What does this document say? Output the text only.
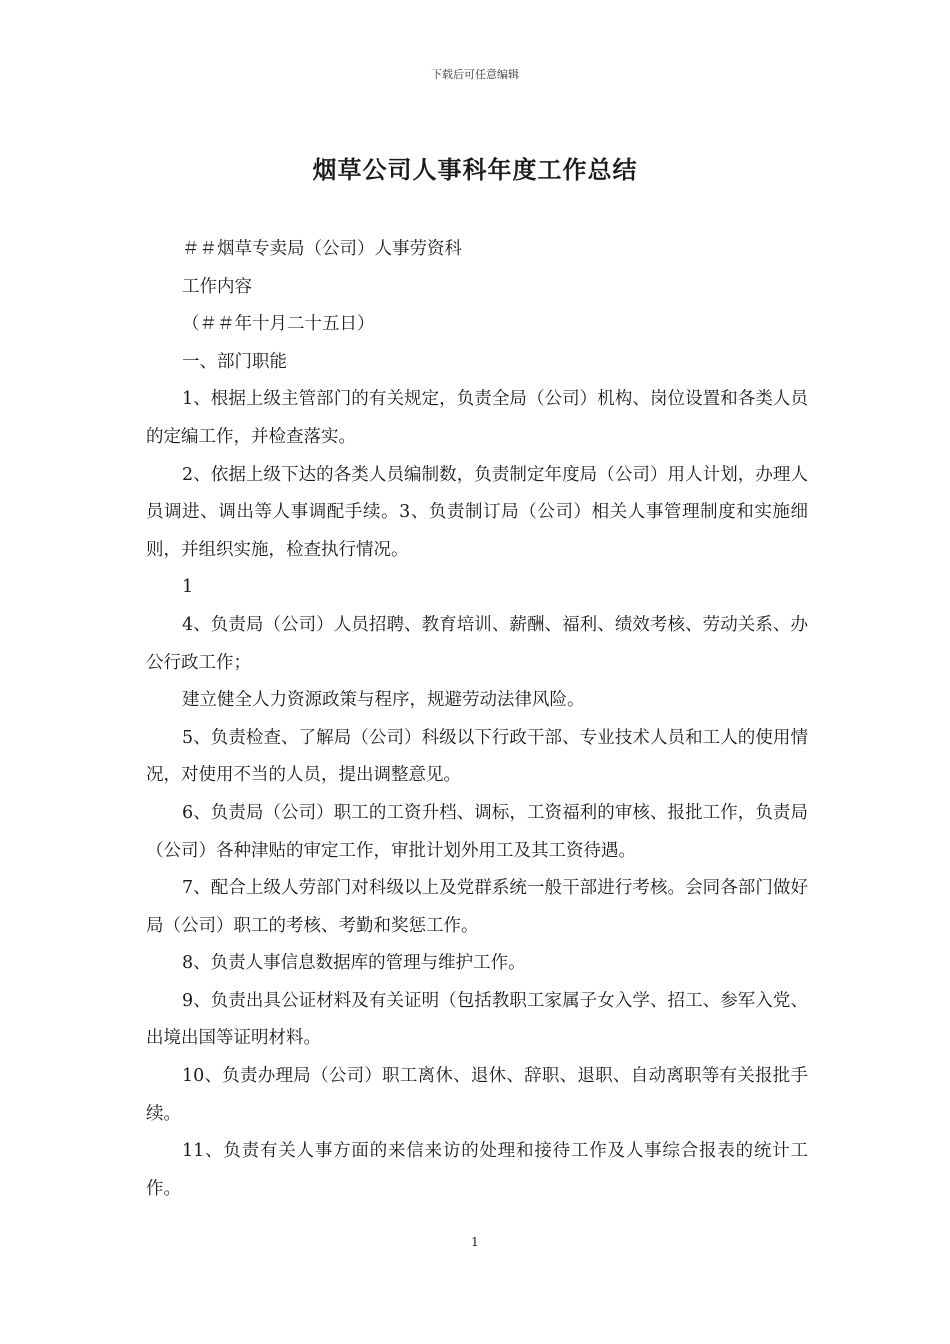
下载后可任意编辑
烟草公司人事科年度工作总结

＃＃烟草专卖局（公司）人事劳资科

工作内容

（＃＃年十月二十五日）

一、部门职能

1、根据上级主管部门的有关规定，负责全局（公司）机构、岗位设置和各类人员的定编工作，并检查落实。

2、依据上级下达的各类人员编制数，负责制定年度局（公司）用人计划，办理人员调进、调出等人事调配手续。3、负责制订局（公司）相关人事管理制度和实施细则，并组织实施，检查执行情况。

1

4、负责局（公司）人员招聘、教育培训、薪酬、福利、绩效考核、劳动关系、办公行政工作；

建立健全人力资源政策与程序，规避劳动法律风险。

5、负责检查、了解局（公司）科级以下行政干部、专业技术人员和工人的使用情况，对使用不当的人员，提出调整意见。

6、负责局（公司）职工的工资升档、调标，工资福利的审核、报批工作，负责局（公司）各种津贴的审定工作，审批计划外用工及其工资待遇。

7、配合上级人劳部门对科级以上及党群系统一般干部进行考核。会同各部门做好局（公司）职工的考核、考勤和奖惩工作。

8、负责人事信息数据库的管理与维护工作。

9、负责出具公证材料及有关证明（包括教职工家属子女入学、招工、参军入党、出境出国等证明材料。

10、负责办理局（公司）职工离休、退休、辞职、退职、自动离职等有关报批手续。

11、负责有关人事方面的来信来访的处理和接待工作及人事综合报表的统计工作。

1
